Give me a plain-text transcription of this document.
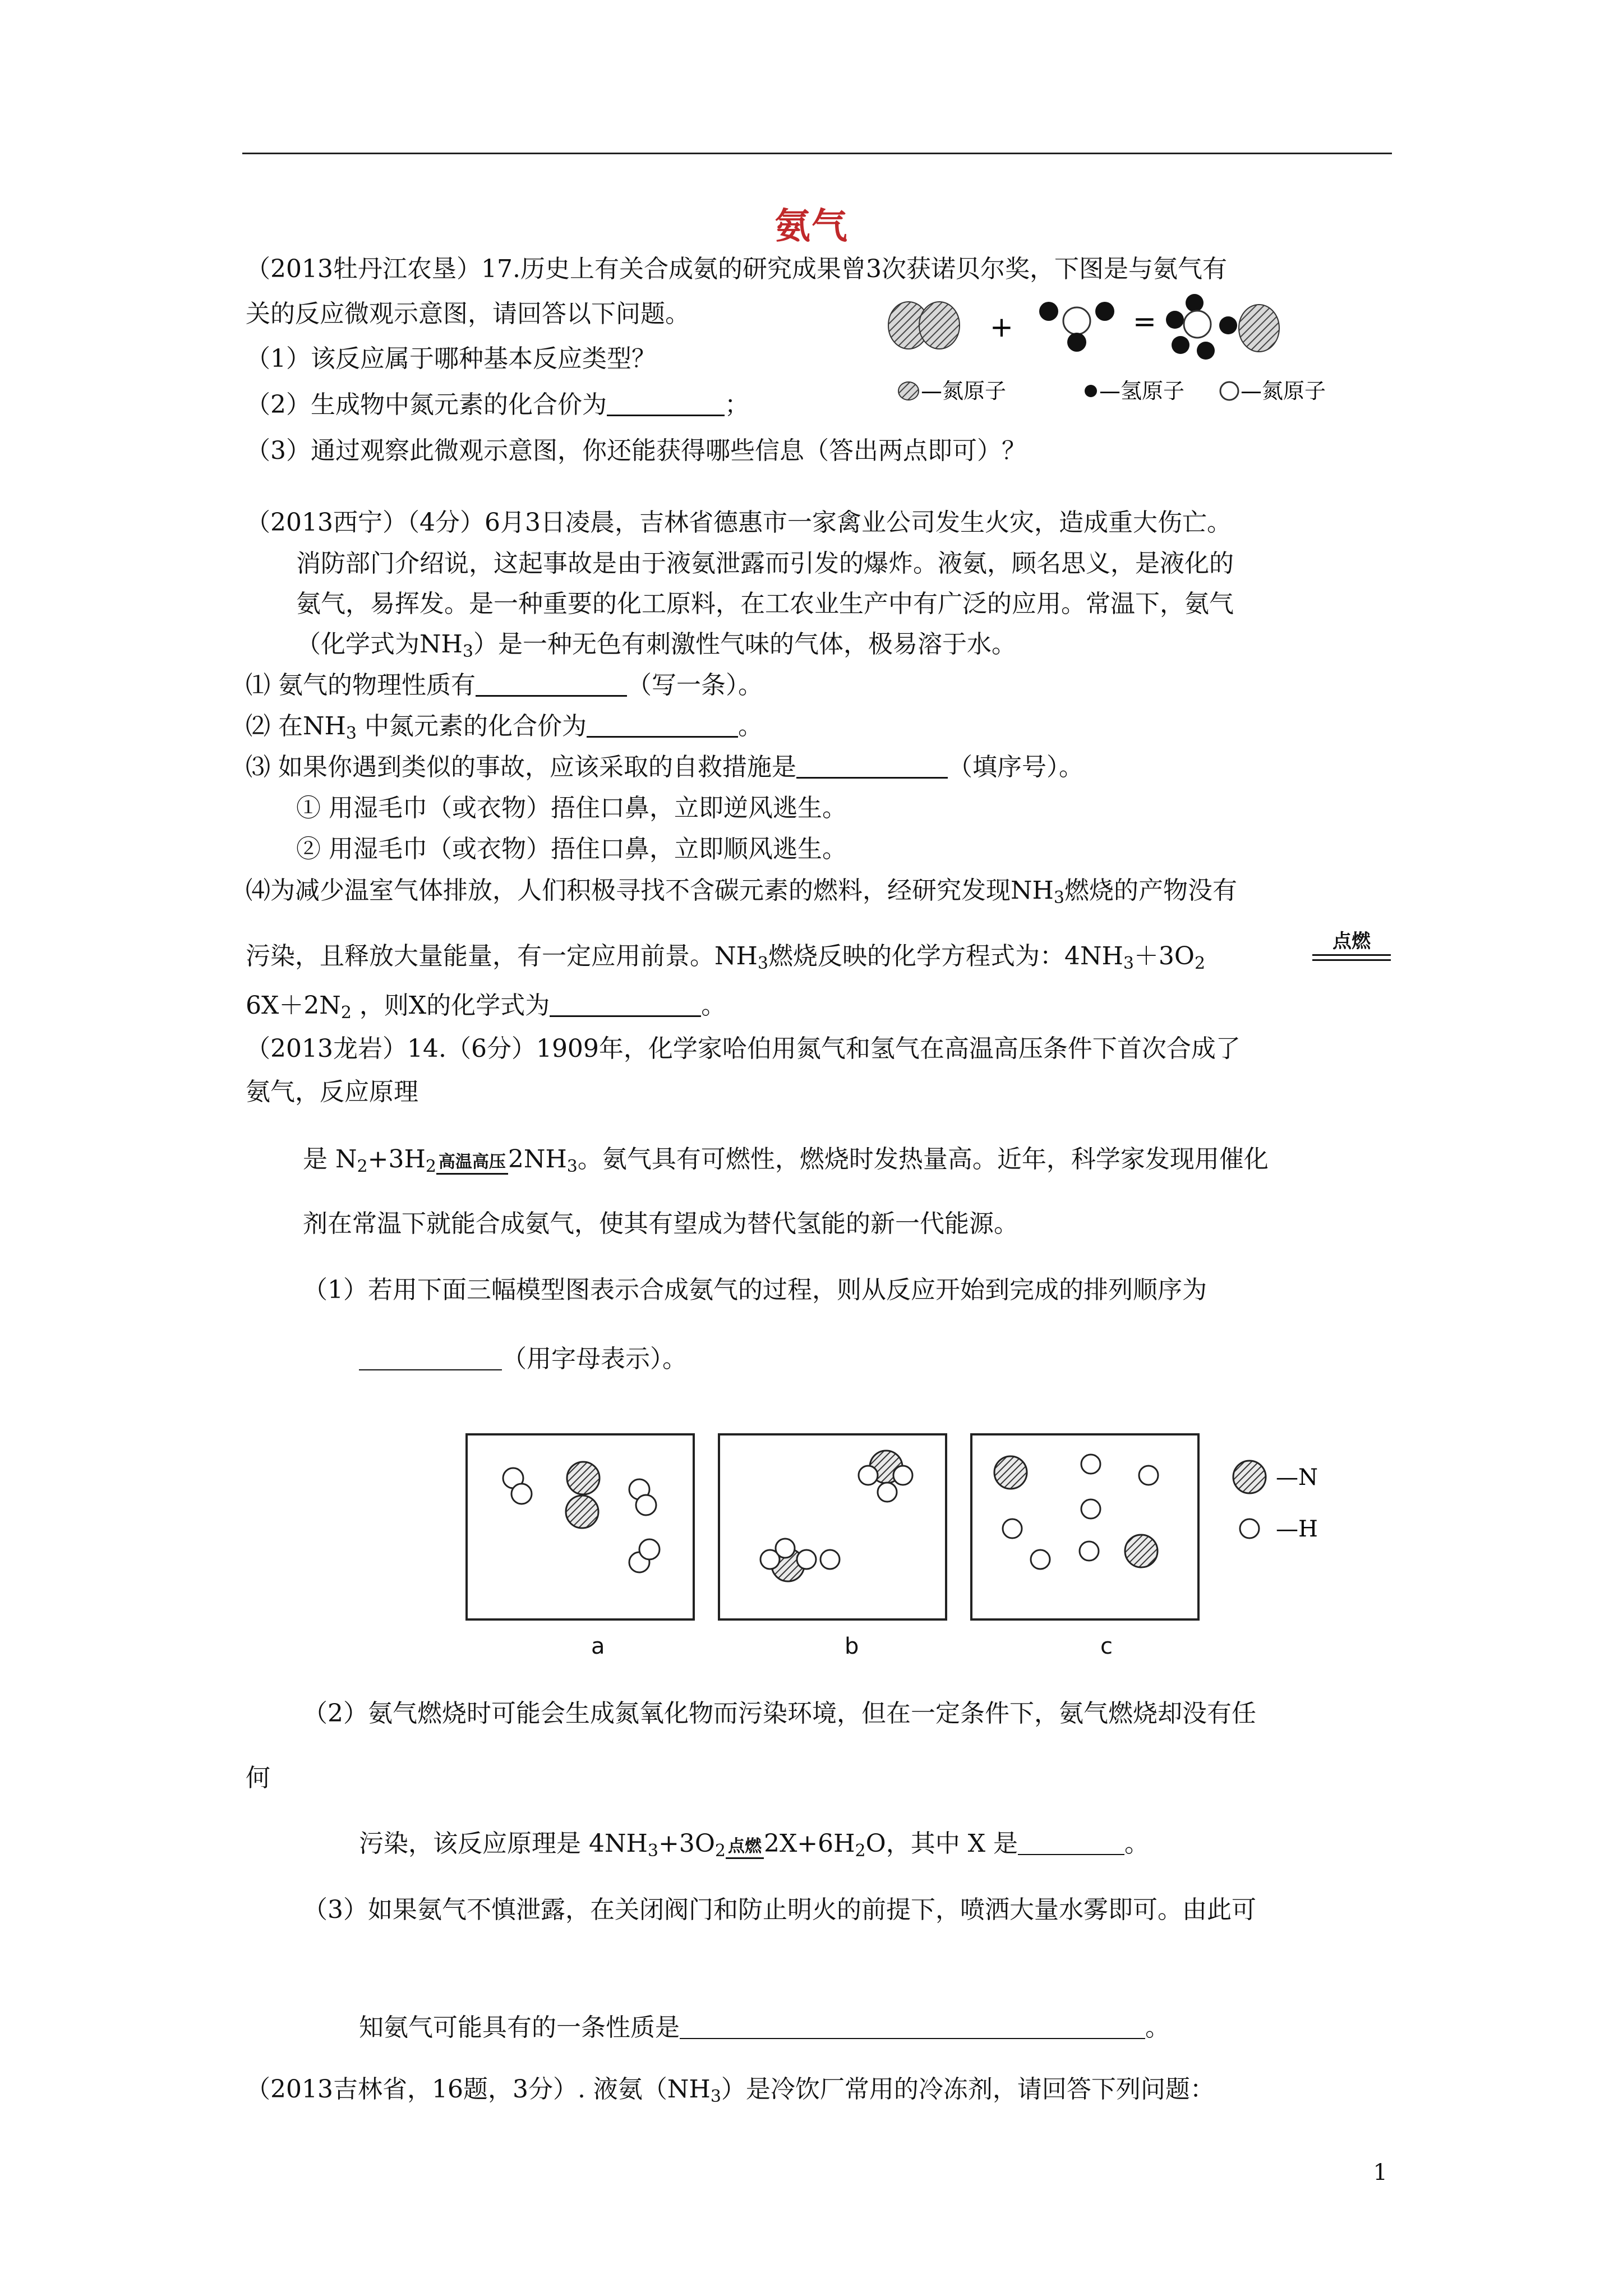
氨气
（2013牡丹江农垦）17.历史上有关合成氨的研究成果曾3次获诺贝尔奖，下图是与氨气有
关的反应微观示意图，请回答以下问题。
（1）该反应属于哪种基本反应类型？
（2）生成物中氮元素的化合价为	；
（3）通过观察此微观示意图，你还能获得哪些信息（答出两点即可）？
+	=
—氮原子	—氢原子	—氮原子
（2013西宁）（4分）6月3日凌晨，吉林省德惠市一家禽业公司发生火灾，造成重大伤亡。
消防部门介绍说，这起事故是由于液氨泄露而引发的爆炸。液氨，顾名思义，是液化的
氨气，易挥发。是一种重要的化工原料，在工农业生产中有广泛的应用。常温下，氨气
（化学式为$NH_3$）是一种无色有刺激性气味的气体，极易溶于水。
⑴ 氨气的物理性质有	（写一条）。
⑵ 在$NH_3$ 中氮元素的化合价为	。
⑶ 如果你遇到类似的事故，应该采取的自救措施是	（填序号）。
① 用湿毛巾（或衣物）捂住口鼻，立即逆风逃生。
② 用湿毛巾（或衣物）捂住口鼻，立即顺风逃生。
⑷为减少温室气体排放，人们积极寻找不含碳元素的燃料，经研究发现$NH_3$燃烧的产物没有
污染，且释放大量能量，有一定应用前景。$NH_3$燃烧反映的化学方程式为：$4NH_3+3O_2$
点燃
$6X+2N_2$ ，则X的化学式为	。
（2013龙岩）14.（6分）1909年，化学家哈伯用氮气和氢气在高温高压条件下首次合成了
氨气，反应原理
是 $N_2+3H_2$ 高温高压 $2NH_3$。氨气具有可燃性，燃烧时发热量高。近年，科学家发现用催化
剂在常温下就能合成氨气，使其有望成为替代氢能的新一代能源。
（1）若用下面三幅模型图表示合成氨气的过程，则从反应开始到完成的排列顺序为
（用字母表示）。
—N
—H
a	b	c
（2）氨气燃烧时可能会生成氮氧化物而污染环境，但在一定条件下，氨气燃烧却没有任
何
污染，该反应原理是 $4NH_3+3O_2$ 点燃 $2X+6H_2O$，其中 X 是	。
（3）如果氨气不慎泄露，在关闭阀门和防止明火的前提下，喷洒大量水雾即可。由此可
知氨气可能具有的一条性质是	。
（2013吉林省，16题，3分）. 液氨$(NH_3)$是冷饮厂常用的冷冻剂，请回答下列问题：
1
